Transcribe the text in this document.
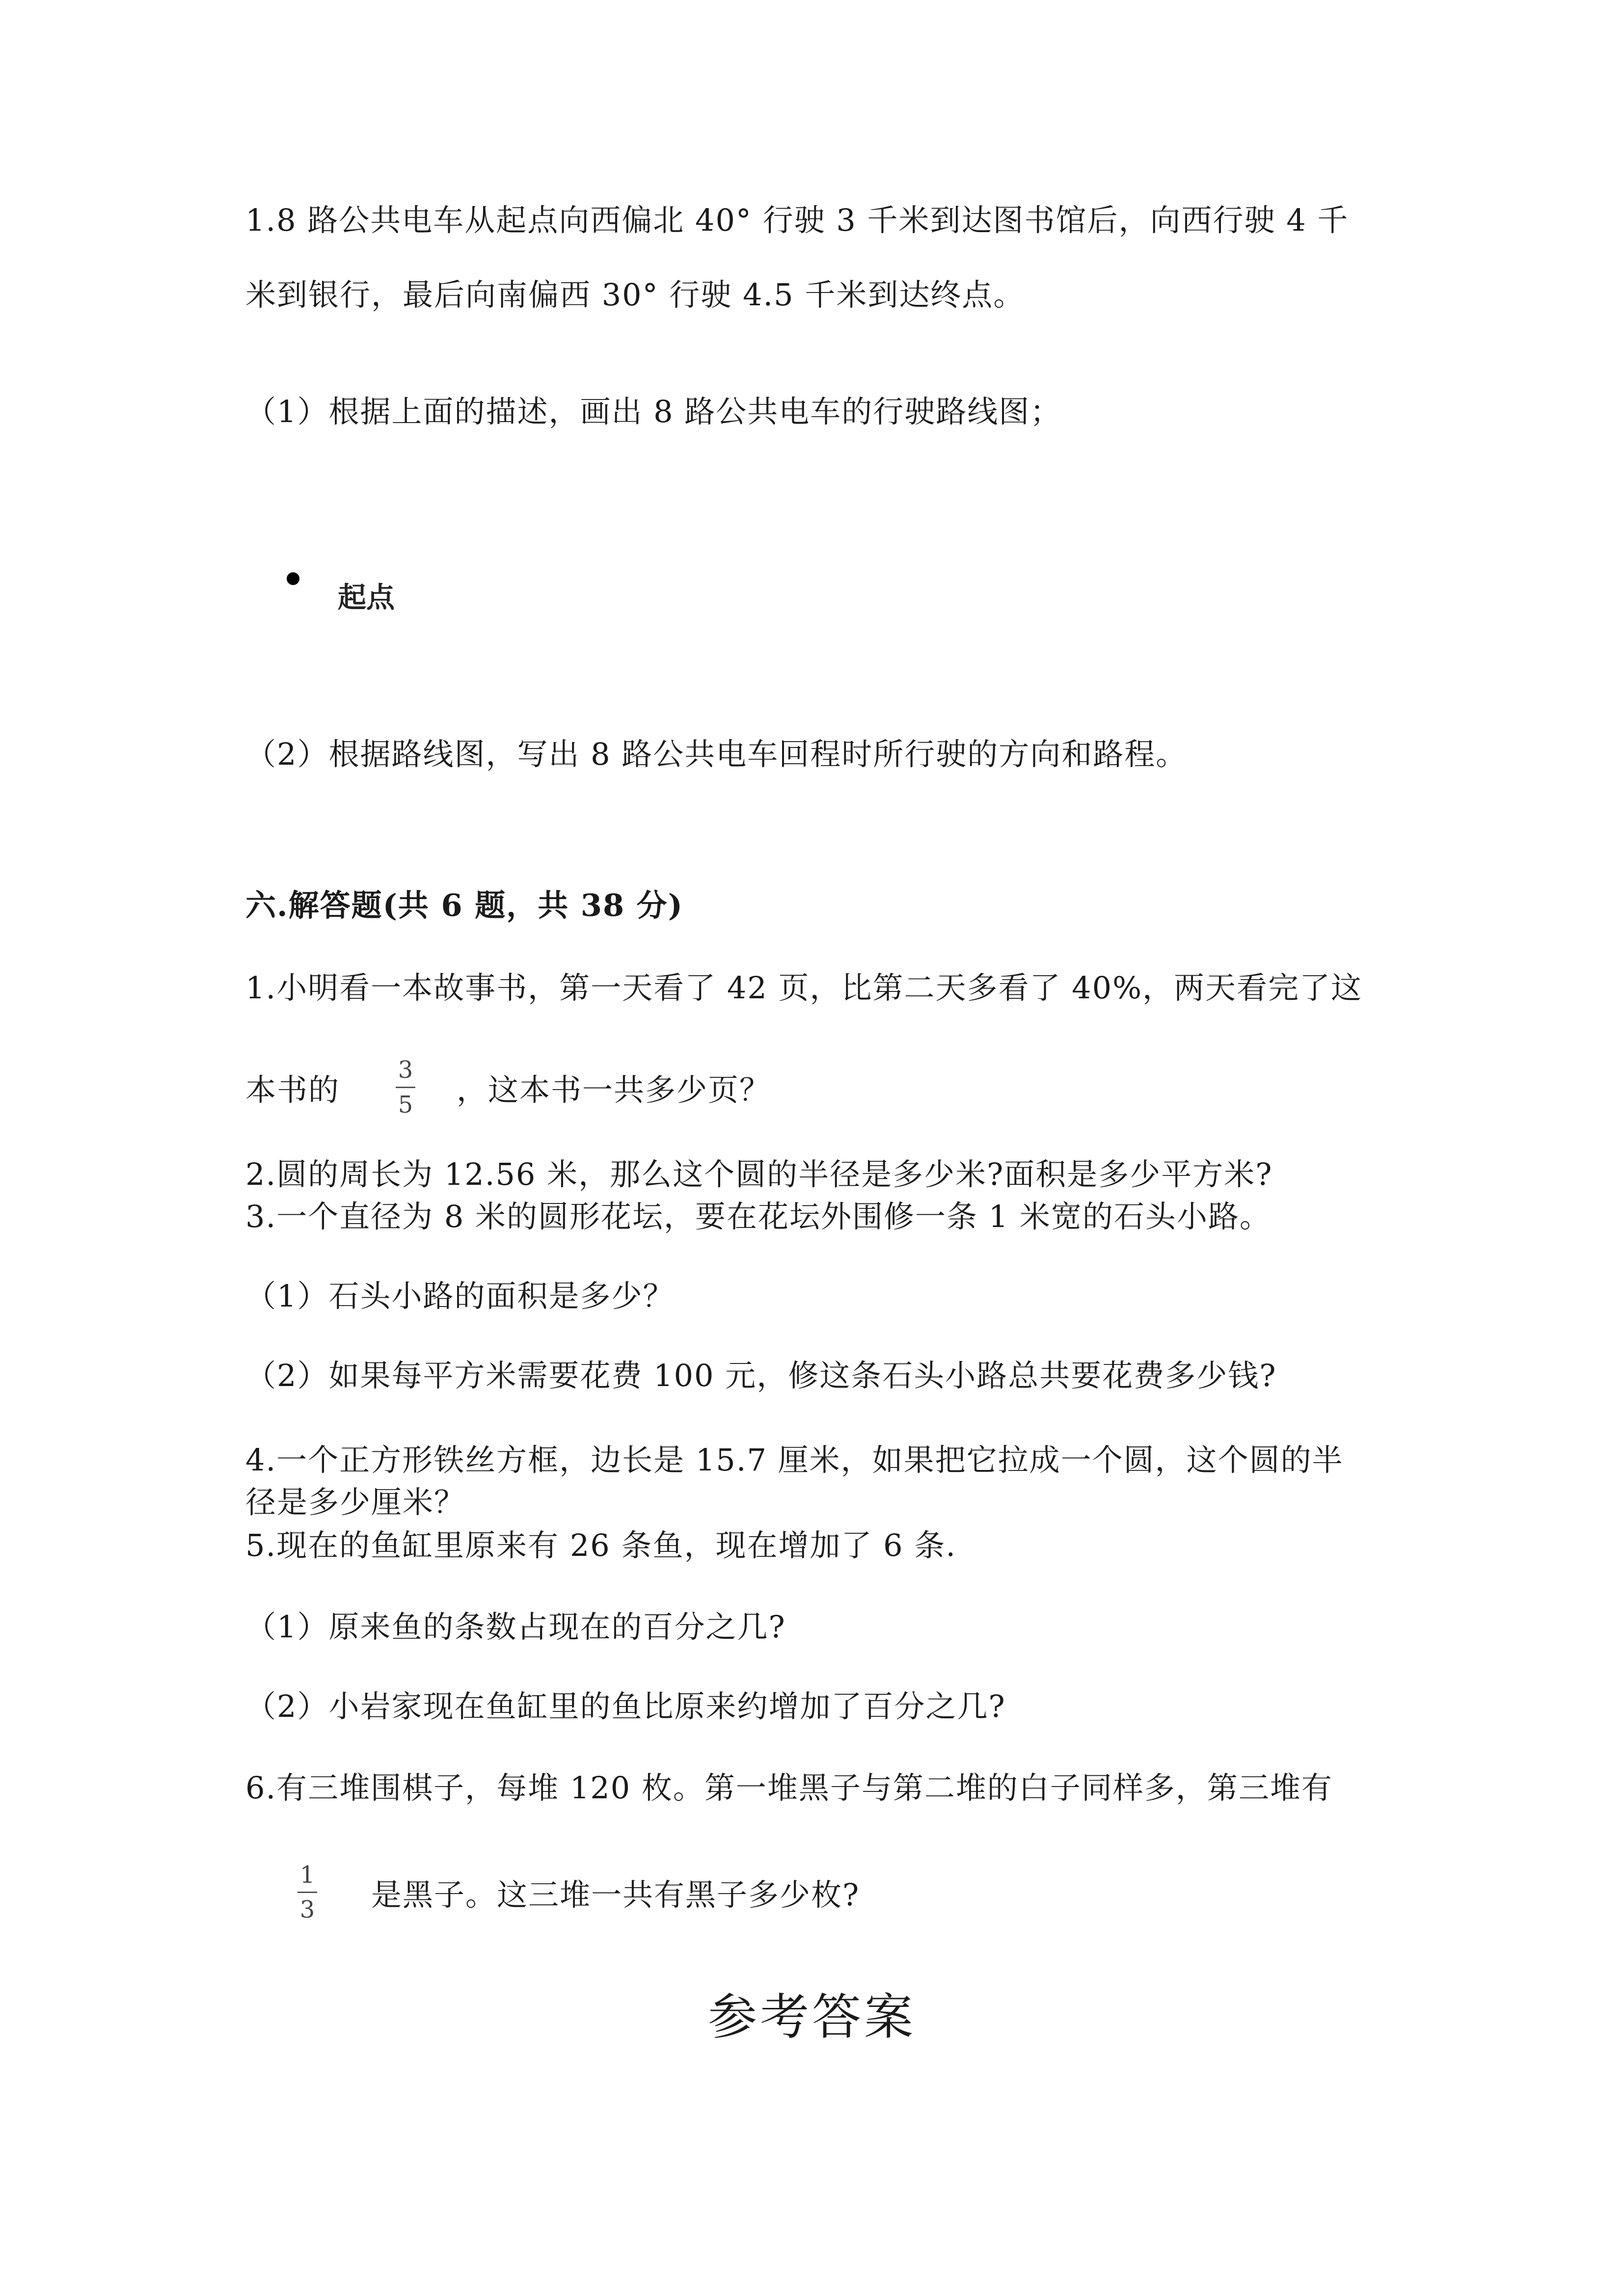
1.8 路公共电车从起点向西偏北 40° 行驶 3 千米到达图书馆后，向西行驶 4 千
米到银行，最后向南偏西 30° 行驶 4.5 千米到达终点。
（1）根据上面的描述，画出 8 路公共电车的行驶路线图；
起点
（2）根据路线图，写出 8 路公共电车回程时所行驶的方向和路程。
六.解答题(共 6 题，共 38 分)
1.小明看一本故事书，第一天看了 42 页，比第二天多看了 40%，两天看完了这
本书的
3
5 ，这本书一共多少页？
2.圆的周长为 12.56 米，那么这个圆的半径是多少米?面积是多少平方米?
3.一个直径为 8 米的圆形花坛，要在花坛外围修一条 1 米宽的石头小路。
（1）石头小路的面积是多少？
（2）如果每平方米需要花费 100 元，修这条石头小路总共要花费多少钱?
4.一个正方形铁丝方框，边长是 15.7 厘米，如果把它拉成一个圆，这个圆的半
径是多少厘米？
5.现在的鱼缸里原来有 26 条鱼，现在增加了 6 条.
（1）原来鱼的条数占现在的百分之几?
（2）小岩家现在鱼缸里的鱼比原来约增加了百分之几?
6.有三堆围棋子，每堆 120 枚。第一堆黑子与第二堆的白子同样多，第三堆有
1
3 是黑子。这三堆一共有黑子多少枚?
参考答案
